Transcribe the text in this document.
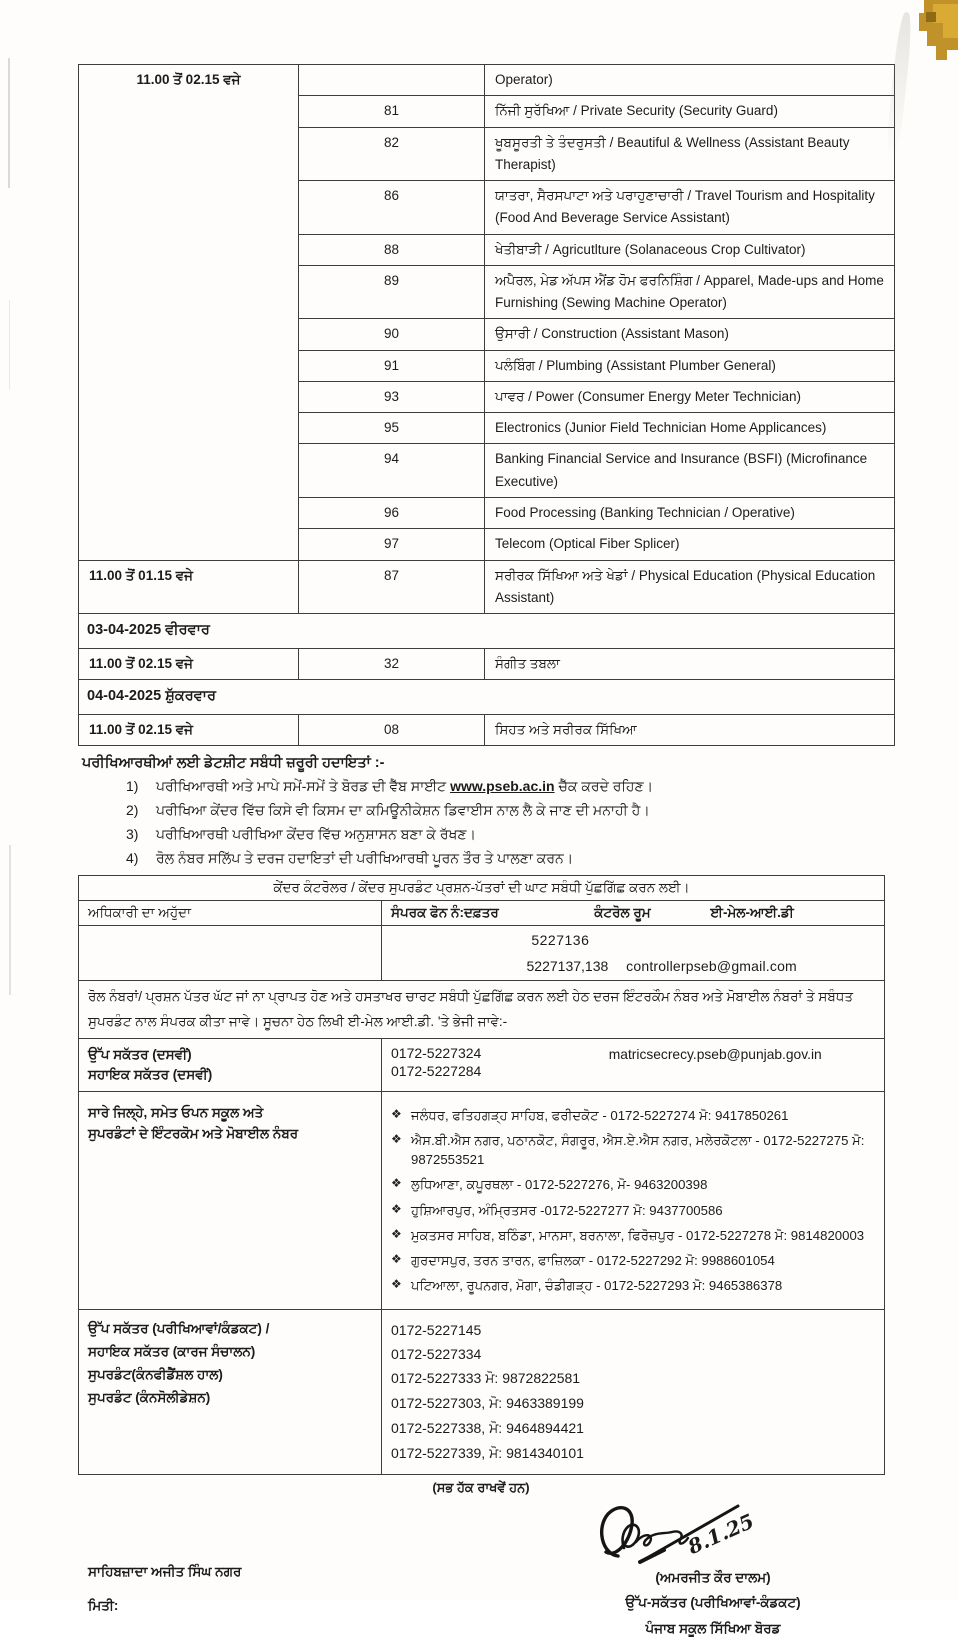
11.00 ਤੋਂ 02.15 ਵਜੇ		Operator)
	81	ਨਿੱਜੀ ਸੁਰੱਖਿਆ / Private Security (Security Guard)
	82	ਖੂਬਸੂਰਤੀ ਤੇ ਤੰਦਰੁਸਤੀ / Beautiful & Wellness (Assistant Beauty Therapist)
	86	ਯਾਤਰਾ, ਸੈਰਸਪਾਟਾ ਅਤੇ ਪਰਾਹੁਣਾਚਾਰੀ / Travel Tourism and Hospitality (Food And Beverage Service Assistant)
	88	ਖੇਤੀਬਾੜੀ / Agricutlture (Solanaceous Crop Cultivator)
	89	ਅਪੈਰਲ, ਮੇਡ ਅੱਪਸ ਐਂਡ ਹੋਮ ਫਰਨਿਸ਼ਿੰਗ / Apparel, Made-ups and Home Furnishing (Sewing Machine Operator)
	90	ਉਸਾਰੀ / Construction (Assistant Mason)
	91	ਪਲੰਬਿੰਗ / Plumbing (Assistant Plumber General)
	93	ਪਾਵਰ / Power (Consumer Energy Meter Technician)
	95	Electronics (Junior Field Technician Home Applicances)
	94	Banking Financial Service and Insurance (BSFI) (Microfinance Executive)
	96	Food Processing (Banking Technician / Operative)
	97	Telecom (Optical Fiber Splicer)
11.00 ਤੋਂ 01.15 ਵਜੇ	87	ਸਰੀਰਕ ਸਿੱਖਿਆ ਅਤੇ ਖੇਡਾਂ / Physical Education (Physical Education Assistant)
03-04-2025 ਵੀਰਵਾਰ		
11.00 ਤੋਂ 02.15 ਵਜੇ	32	ਸੰਗੀਤ ਤਬਲਾ
04-04-2025 ਸ਼ੁੱਕਰਵਾਰ		
11.00 ਤੋਂ 02.15 ਵਜੇ	08	ਸਿਹਤ ਅਤੇ ਸਰੀਰਕ ਸਿੱਖਿਆ
ਪਰੀਖਿਆਰਥੀਆਂ ਲਈ ਡੇਟਸ਼ੀਟ ਸਬੰਧੀ ਜ਼ਰੂਰੀ ਹਦਾਇਤਾਂ :-
1)	ਪਰੀਖਿਆਰਥੀ ਅਤੇ ਮਾਪੇ ਸਮੇਂ-ਸਮੇਂ ਤੇ ਬੋਰਡ ਦੀ ਵੈੱਬ ਸਾਈਟ www.pseb.ac.in ਚੈੱਕ ਕਰਦੇ ਰਹਿਣ।
2)	ਪਰੀਖਿਆ ਕੇਂਦਰ ਵਿੱਚ ਕਿਸੇ ਵੀ ਕਿਸਮ ਦਾ ਕਮਿਊਨੀਕੇਸ਼ਨ ਡਿਵਾਈਸ ਨਾਲ ਲੈ ਕੇ ਜਾਣ ਦੀ ਮਨਾਹੀ ਹੈ।
3)	ਪਰੀਖਿਆਰਥੀ ਪਰੀਖਿਆ ਕੇਂਦਰ ਵਿੱਚ ਅਨੁਸ਼ਾਸਨ ਬਣਾ ਕੇ ਰੱਖਣ।
4)	ਰੋਲ ਨੰਬਰ ਸਲਿੱਪ ਤੇ ਦਰਜ ਹਦਾਇਤਾਂ ਦੀ ਪਰੀਖਿਆਰਥੀ ਪੂਰਨ ਤੌਰ ਤੇ ਪਾਲਣਾ ਕਰਨ।
ਕੇਂਦਰ ਕੰਟਰੋਲਰ / ਕੇਂਦਰ ਸੁਪਰਡੰਟ ਪ੍ਰਸ਼ਨ-ਪੱਤਰਾਂ ਦੀ ਘਾਟ ਸਬੰਧੀ ਪੁੱਛਗਿੱਛ ਕਰਨ ਲਈ।	
ਅਧਿਕਾਰੀ ਦਾ ਅਹੁੱਦਾ	ਸੰਪਰਕ ਫੋਨ ਨੰ:ਦਫ਼ਤਰ ਕੰਟਰੋਲ ਰੂਮ ਈ-ਮੇਲ-ਆਈ.ਡੀ

	5227136
5227137,138 controllerpseb@gmail.com

ਰੋਲ ਨੰਬਰਾਂ/ ਪ੍ਰਸ਼ਨ ਪੱਤਰ ਘੱਟ ਜਾਂ ਨਾ ਪ੍ਰਾਪਤ ਹੋਣ ਅਤੇ ਹਸਤਾਖਰ ਚਾਰਟ ਸਬੰਧੀ ਪੁੱਛਗਿੱਛ ਕਰਨ ਲਈ ਹੇਠ ਦਰਜ ਇੰਟਰਕੌਮ ਨੰਬਰ ਅਤੇ ਮੋਬਾਈਲ ਨੰਬਰਾਂ ਤੇ ਸਬੰਧਤ ਸੁਪਰਡੰਟ ਨਾਲ ਸੰਪਰਕ ਕੀਤਾ ਜਾਵੇ। ਸੂਚਨਾ ਹੇਠ ਲਿਖੀ ਈ-ਮੇਲ ਆਈ.ਡੀ. 'ਤੇ ਭੇਜੀ ਜਾਵੇ:-	

ਉੱਪ ਸਕੱਤਰ (ਦਸਵੀਂ)
ਸਹਾਇਕ ਸਕੱਤਰ (ਦਸਵੀਂ)

0172-5227324
0172-5227284
matricsecrecy.pseb@punjab.gov.in

ਸਾਰੇ ਜਿਲ੍ਹੇ, ਸਮੇਤ ਓਪਨ ਸਕੂਲ ਅਤੇ
ਸੁਪਰਡੰਟਾਂ ਦੇ ਇੰਟਰਕੋਮ ਅਤੇ ਮੋਬਾਈਲ ਨੰਬਰ

❖ ਜਲੰਧਰ, ਫਤਿਹਗੜ੍ਹ ਸਾਹਿਬ, ਫਰੀਦਕੋਟ - 0172-5227274 ਮੋ: 9417850261
❖ ਐਸ.ਬੀ.ਐਸ ਨਗਰ, ਪਠਾਨਕੋਟ, ਸੰਗਰੂਰ, ਐਸ.ਏ.ਐਸ ਨਗਰ, ਮਲੇਰਕੋਟਲਾ - 0172-5227275 ਮੋ: 9872553521
❖ ਲੁਧਿਆਣਾ, ਕਪੂਰਥਲਾ - 0172-5227276, ਮੋ- 9463200398
❖ ਹੁਸ਼ਿਆਰਪੁਰ, ਅੰਮ੍ਰਿਤਸਰ -0172-5227277 ਮੋ: 9437700586
❖ ਮੁਕਤਸਰ ਸਾਹਿਬ, ਬਠਿੰਡਾ, ਮਾਨਸਾ, ਬਰਨਾਲਾ, ਫਿਰੋਜ਼ਪੁਰ - 0172-5227278 ਮੋ: 9814820003
❖ ਗੁਰਦਾਸਪੁਰ, ਤਰਨ ਤਾਰਨ, ਫਾਜ਼ਿਲਕਾ - 0172-5227292 ਮੋ: 9988601054
❖ ਪਟਿਆਲਾ, ਰੂਪਨਗਰ, ਮੋਗਾ, ਚੰਡੀਗੜ੍ਹ - 0172-5227293 ਮੋ: 9465386378

ਉੱਪ ਸਕੱਤਰ (ਪਰੀਖਿਆਵਾਂ/ਕੰਡਕਟ) /
ਸਹਾਇਕ ਸਕੱਤਰ (ਕਾਰਜ ਸੰਚਾਲਨ)
ਸੁਪਰਡੰਟ(ਕੰਨਫੀਡੈਂਸ਼ਲ ਹਾਲ)
ਸੁਪਰਡੰਟ (ਕੰਨਸੋਲੀਡੇਸ਼ਨ)

0172-5227145
0172-5227334
0172-5227333 ਮੋ: 9872822581
0172-5227303, ਮੋ: 9463389199
0172-5227338, ਮੋ: 9464894421
0172-5227339, ਮੋ: 9814340101
(ਸਭ ਹੱਕ ਰਾਖਵੇਂ ਹਨ)
ਸਾਹਿਬਜ਼ਾਦਾ ਅਜੀਤ ਸਿੰਘ ਨਗਰ
ਮਿਤੀ:
8.1.25
(ਅਮਰਜੀਤ ਕੌਰ ਦਾਲਮ)
ਉੱਪ-ਸਕੱਤਰ (ਪਰੀਖਿਆਵਾਂ-ਕੰਡਕਟ)
ਪੰਜਾਬ ਸਕੂਲ ਸਿੱਖਿਆ ਬੋਰਡ
